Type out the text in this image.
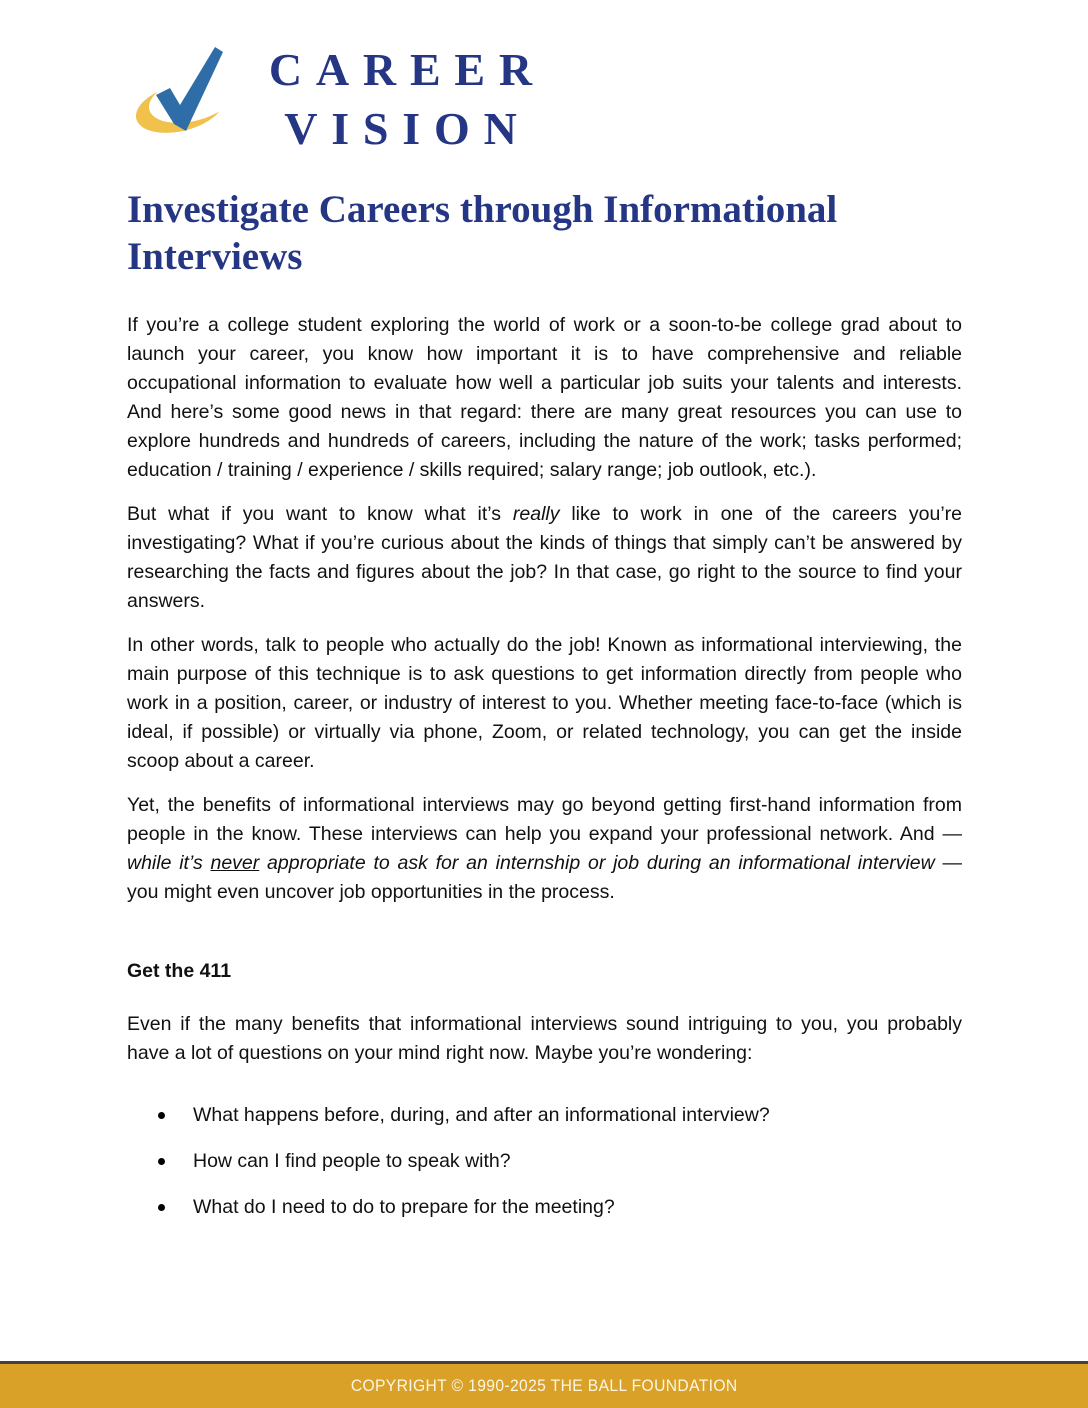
CAREER
VISION
Investigate Careers through Informational Interviews

If you’re a college student exploring the world of work or a soon-to-be college grad about to launch your career, you know how important it is to have comprehensive and reliable occupational information to evaluate how well a particular job suits your talents and interests. And here’s some good news in that regard: there are many great resources you can use to explore hundreds and hundreds of careers, including the nature of the work; tasks performed; education / training / experience / skills required; salary range; job outlook, etc.).

But what if you want to know what it’s really like to work in one of the careers you’re investigating? What if you’re curious about the kinds of things that simply can’t be answered by researching the facts and figures about the job? In that case, go right to the source to find your answers.

In other words, talk to people who actually do the job! Known as informational interviewing, the main purpose of this technique is to ask questions to get information directly from people who work in a position, career, or industry of interest to you. Whether meeting face-to-face (which is ideal, if possible) or virtually via phone, Zoom, or related technology, you can get the inside scoop about a career.

Yet, the benefits of informational interviews may go beyond getting first-hand information from people in the know. These interviews can help you expand your professional network. And — while it’s never appropriate to ask for an internship or job during an informational interview — you might even uncover job opportunities in the process.

Get the 411

Even if the many benefits that informational interviews sound intriguing to you, you probably have a lot of questions on your mind right now. Maybe you’re wondering:

What happens before, during, and after an informational interview?
How can I find people to speak with?
What do I need to do to prepare for the meeting?
COPYRIGHT © 1990-2025 THE BALL FOUNDATION
